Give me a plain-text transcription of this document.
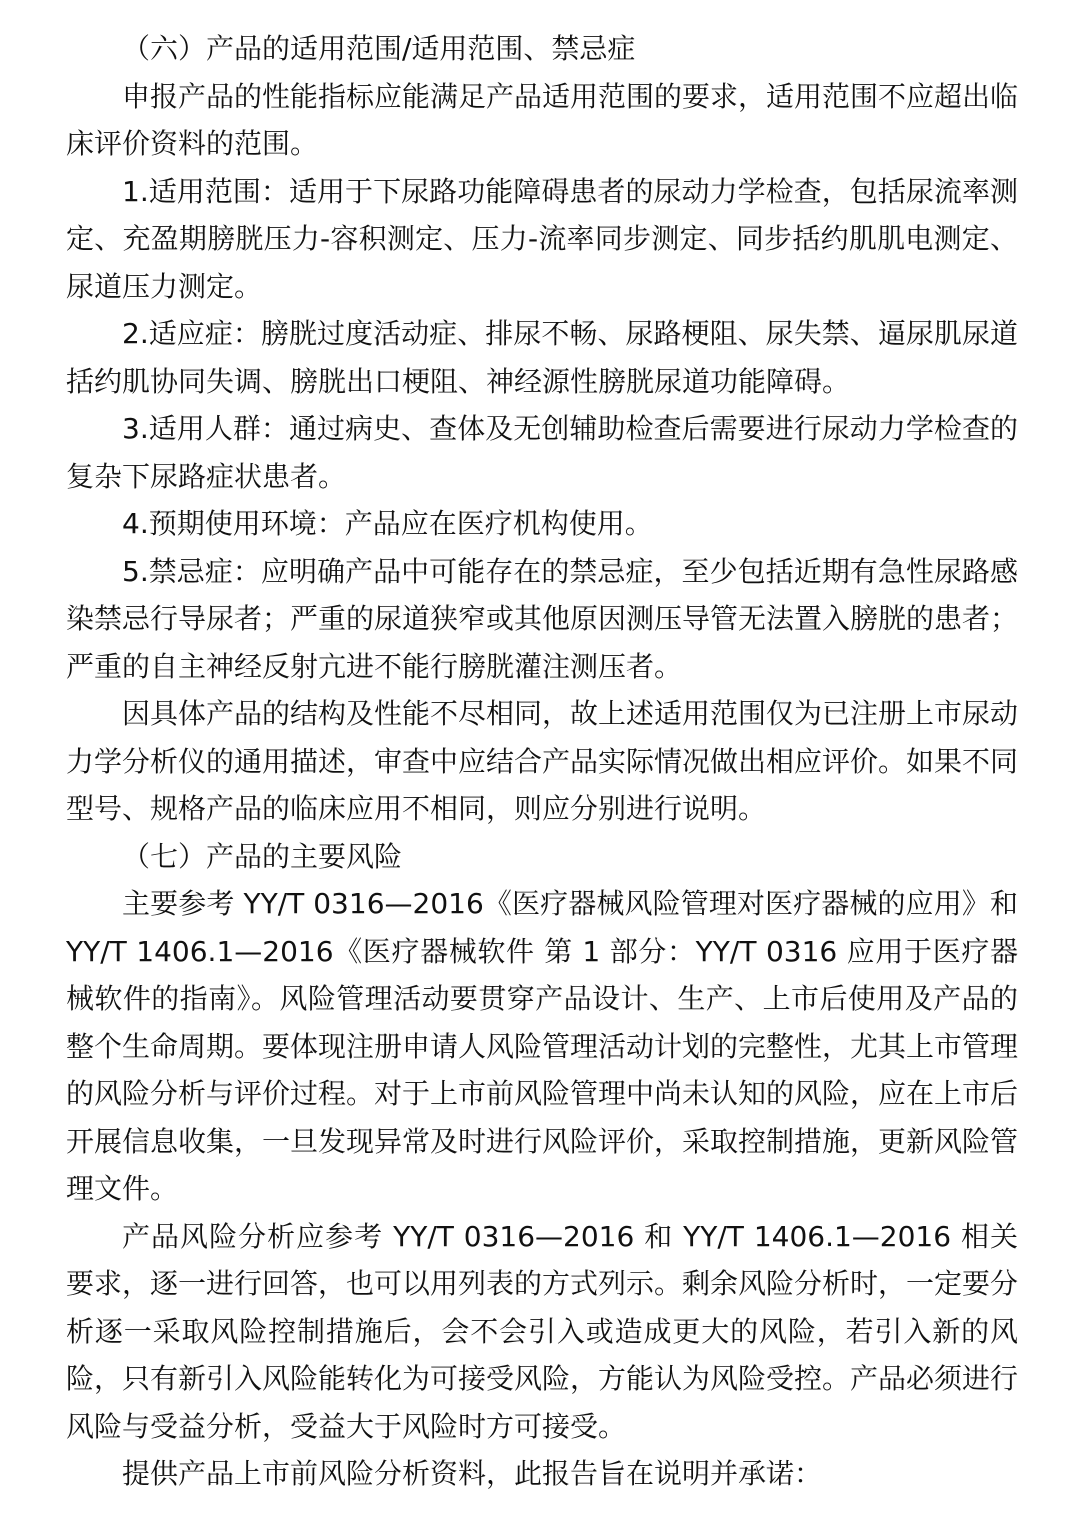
（六）产品的适用范围/适用范围、禁忌症

申报产品的性能指标应能满足产品适用范围的要求，适用范围不应超出临床评价资料的范围。

1.适用范围：适用于下尿路功能障碍患者的尿动力学检查，包括尿流率测定、充盈期膀胱压力-容积测定、压力-流率同步测定、同步括约肌肌电测定、尿道压力测定。

2.适应症：膀胱过度活动症、排尿不畅、尿路梗阻、尿失禁、逼尿肌尿道括约肌协同失调、膀胱出口梗阻、神经源性膀胱尿道功能障碍。

3.适用人群：通过病史、查体及无创辅助检查后需要进行尿动力学检查的复杂下尿路症状患者。

4.预期使用环境：产品应在医疗机构使用。

5.禁忌症：应明确产品中可能存在的禁忌症，至少包括近期有急性尿路感染禁忌行导尿者；严重的尿道狭窄或其他原因测压导管无法置入膀胱的患者；严重的自主神经反射亢进不能行膀胱灌注测压者。

因具体产品的结构及性能不尽相同，故上述适用范围仅为已注册上市尿动力学分析仪的通用描述，审查中应结合产品实际情况做出相应评价。如果不同型号、规格产品的临床应用不相同，则应分别进行说明。

（七）产品的主要风险

主要参考 YY/T 0316—2016《医疗器械风险管理对医疗器械的应用》和 YY/T 1406.1—2016《医疗器械软件 第 1 部分：YY/T 0316 应用于医疗器械软件的指南》。风险管理活动要贯穿产品设计、生产、上市后使用及产品的整个生命周期。要体现注册申请人风险管理活动计划的完整性，尤其上市管理的风险分析与评价过程。对于上市前风险管理中尚未认知的风险，应在上市后开展信息收集，一旦发现异常及时进行风险评价，采取控制措施，更新风险管理文件。

产品风险分析应参考 YY/T 0316—2016 和 YY/T 1406.1—2016 相关要求，逐一进行回答，也可以用列表的方式列示。剩余风险分析时，一定要分析逐一采取风险控制措施后，会不会引入或造成更大的风险，若引入新的风险，只有新引入风险能转化为可接受风险，方能认为风险受控。产品必须进行风险与受益分析，受益大于风险时方可接受。

提供产品上市前风险分析资料，此报告旨在说明并承诺：
